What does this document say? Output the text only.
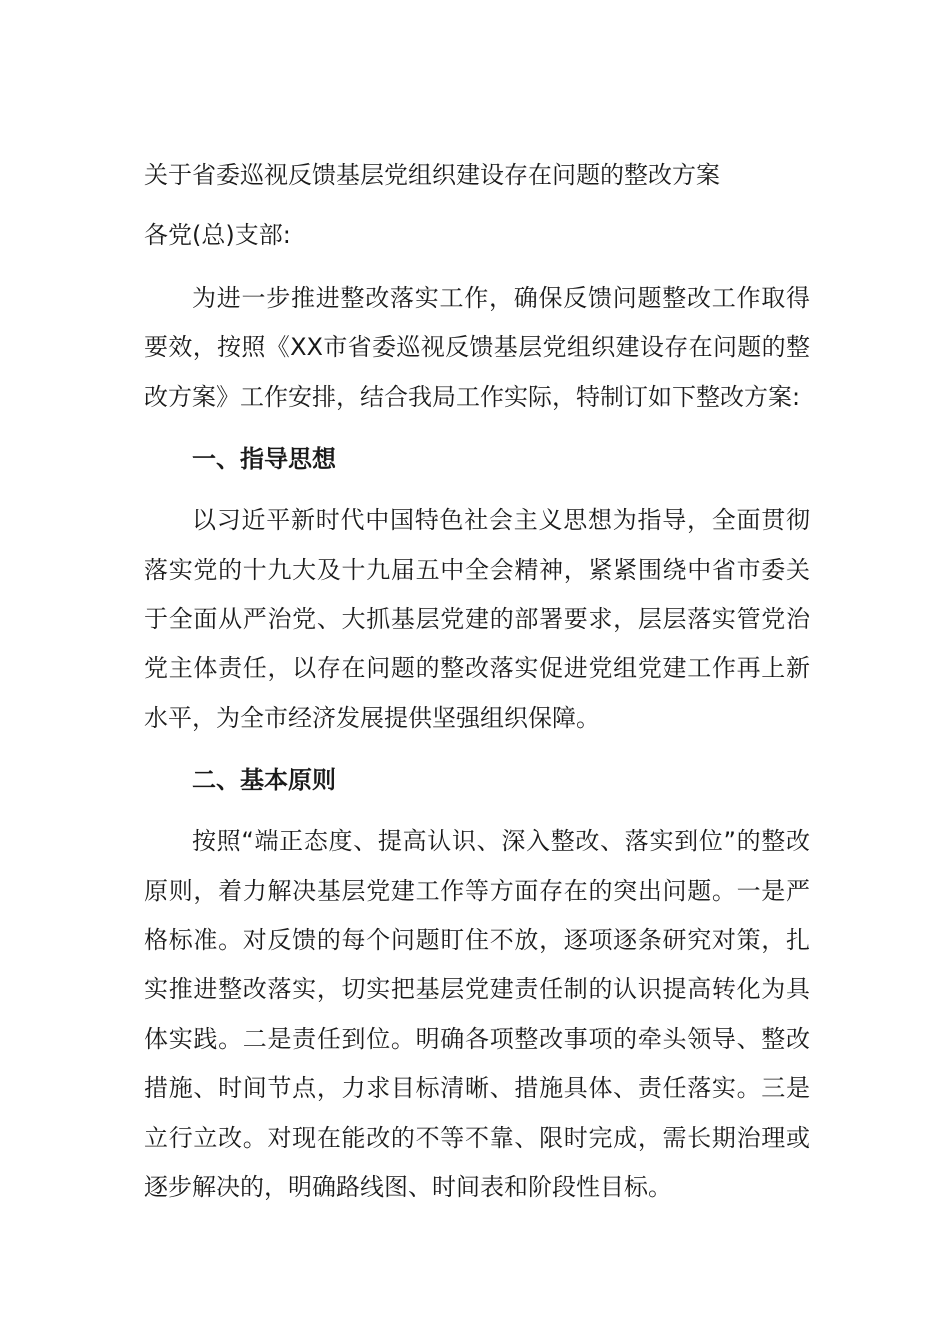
关于省委巡视反馈基层党组织建设存在问题的整改方案

各党(总)支部:

为进一步推进整改落实工作，确保反馈问题整改工作取得要效，按照《XX市省委巡视反馈基层党组织建设存在问题的整改方案》工作安排，结合我局工作实际，特制订如下整改方案:

一、指导思想

以习近平新时代中国特色社会主义思想为指导，全面贯彻落实党的十九大及十九届五中全会精神，紧紧围绕中省市委关于全面从严治党、大抓基层党建的部署要求，层层落实管党治党主体责任，以存在问题的整改落实促进党组党建工作再上新水平，为全市经济发展提供坚强组织保障。

二、基本原则

按照“端正态度、提高认识、深入整改、落实到位”的整改原则，着力解决基层党建工作等方面存在的突出问题。一是严格标准。对反馈的每个问题盯住不放，逐项逐条研究对策，扎实推进整改落实，切实把基层党建责任制的认识提高转化为具体实践。二是责任到位。明确各项整改事项的牵头领导、整改措施、时间节点，力求目标清晰、措施具体、责任落实。三是立行立改。对现在能改的不等不靠、限时完成，需长期治理或逐步解决的，明确路线图、时间表和阶段性目标。
